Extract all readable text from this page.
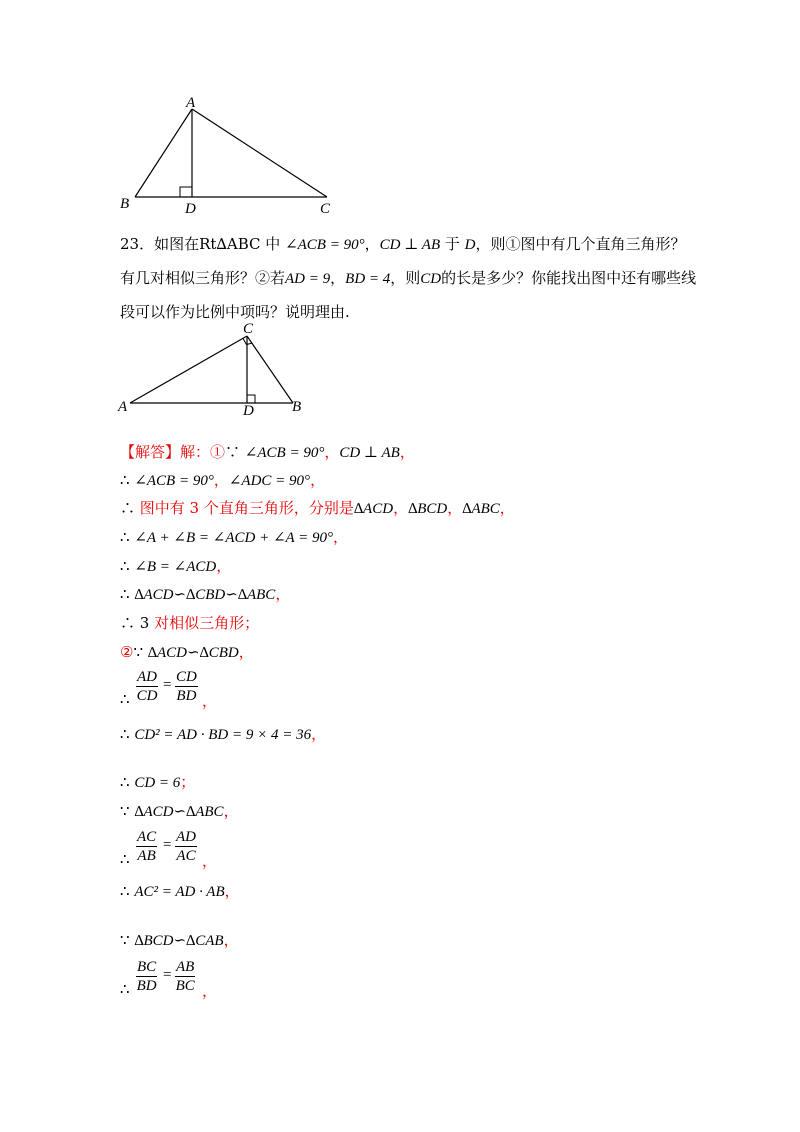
A
B	C
D
23．如图在Rt∆ABC 中 ∠ACB = 90°，CD ⊥ AB 于 D，则①图中有几个直角三角形？有几对相似三角形？②若AD = 9，BD = 4，则CD的长是多少？你能找出图中还有哪些线段可以作为比例中项吗？说明理由.
C
A	B
D
【解答】解：①∵ ∠ACB = 90°，CD ⊥ AB，
∴ ∠ACB = 90°，∠ADC = 90°，
∴ 图中有 3 个直角三角形，分别是∆ACD，∆BCD，∆ABC，
∴ ∠A + ∠B = ∠ACD + ∠A = 90°，
∴ ∠B = ∠ACD，
∴ ∆ACD∽∆CBD∽∆ABC，
∴ 3 对相似三角形；
②∵ ∆ACD∽∆CBD，
∴ $\frac{AD}{CD} = \frac{CD}{BD}$ ，
∴ CD² = AD · BD = 9 × 4 = 36，
∴ CD = 6；
∵ ∆ACD∽∆ABC，
∴ $\frac{AC}{AB} = \frac{AD}{AC}$ ，
∴ AC² = AD · AB，
∵ ∆BCD∽∆CAB，
∴ $\frac{BC}{BD} = \frac{AB}{BC}$ ，
